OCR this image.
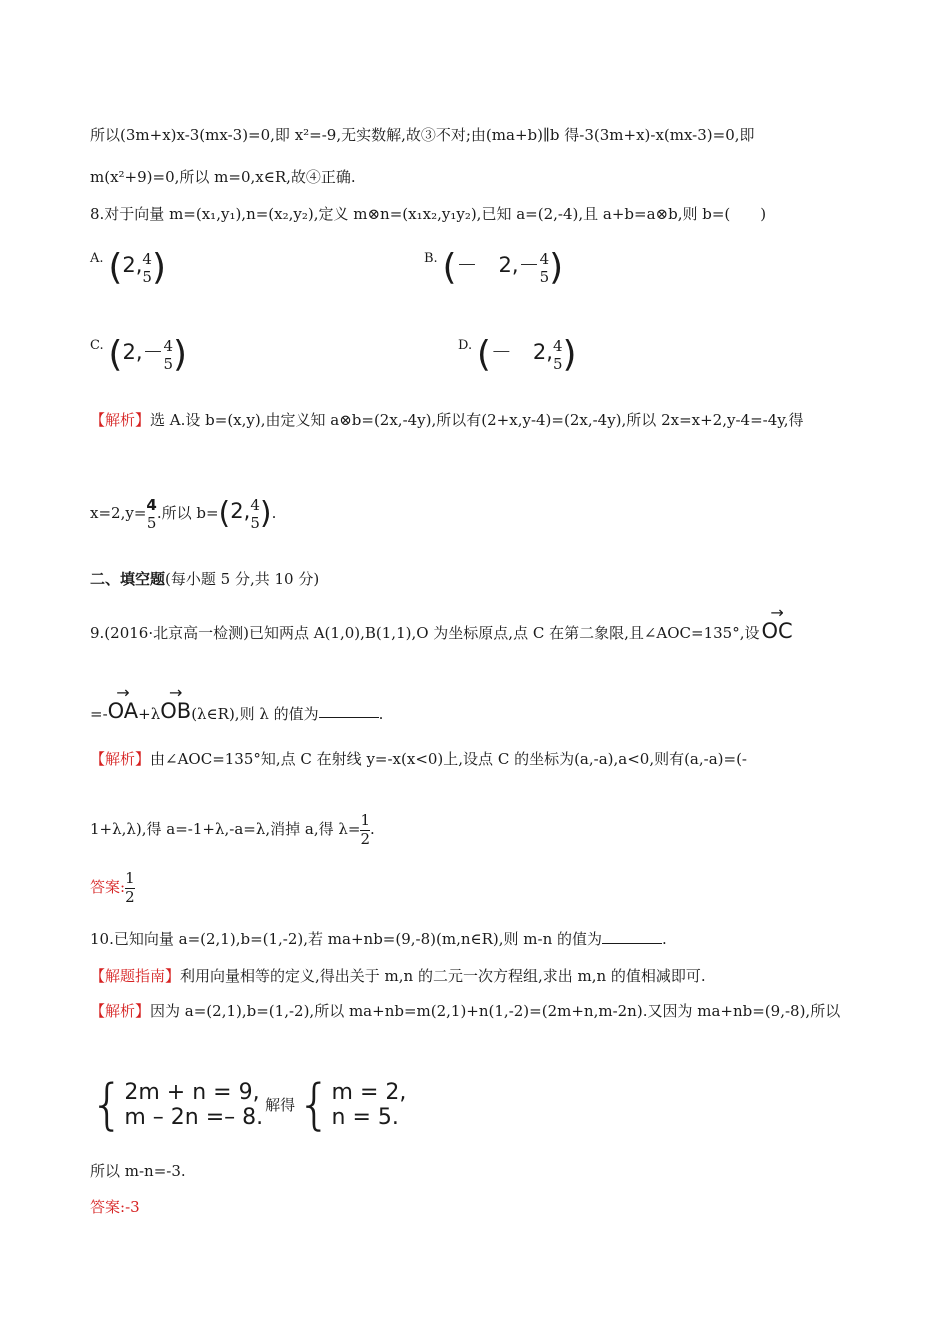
所以(3m+x)x-3(mx-3)=0,即 x²=-9,无实数解,故③不对;由(ma+b)∥b 得-3(3m+x)-x(mx-3)=0,即
m(x²+9)=0,所以 m=0,x∈R,故④正确.
8.对于向量 m=(x₁,y₁),n=(x₂,y₂),定义 m⊗n=(x₁x₂,y₁y₂),已知 a=(2,-4),且 a+b=a⊗b,则 b=(　　)
A. (2, 4
5 )	B. (－　2,－ 4
5 )
C. (2,－ 4
5 )	D. (－　2, 4
5 )
【解析】选 A.设 b=(x,y),由定义知 a⊗b=(2x,-4y),所以有(2+x,y-4)=(2x,-4y),所以 2x=x+2,y-4=-4y,得
x=2,y= 4
5
.所以 b=(2, 4
5 ).
二、填空题(每小题 5 分,共 10 分)
9.(2016·北京高一检测)已知两点 A(1,0),B(1,1),O 为坐标原点,点 C 在第二象限,且∠AOC=135°,设
→
OC
=-
→
OA+λ
→
OB(λ∈R),则 λ 的值为	.
【解析】由∠AOC=135°知,点 C 在射线 y=-x(x<0)上,设点 C 的坐标为(a,-a),a<0,则有(a,-a)=(-
1+λ,λ),得 a=-1+λ,-a=λ,消掉 a,得 $\lambda= \frac{1}{2}$ .
答案: $\frac{1}{2}$
10.已知向量 a=(2,1),b=(1,-2),若 ma+nb=(9,-8)(m,n∈R),则 m-n 的值为	.
【解题指南】利用向量相等的定义,得出关于 m,n 的二元一次方程组,求出 m,n 的值相减即可.
【解析】因为 a=(2,1),b=(1,-2),所以 ma+nb=m(2,1)+n(1,-2)=(2m+n,m-2n).又因为 ma+nb=(9,-8),所以
{ 2m + n = 9,
m – 2n =– 8.
解得{ m = 2,
n = 5.
所以 m-n=-3.
答案:-3
